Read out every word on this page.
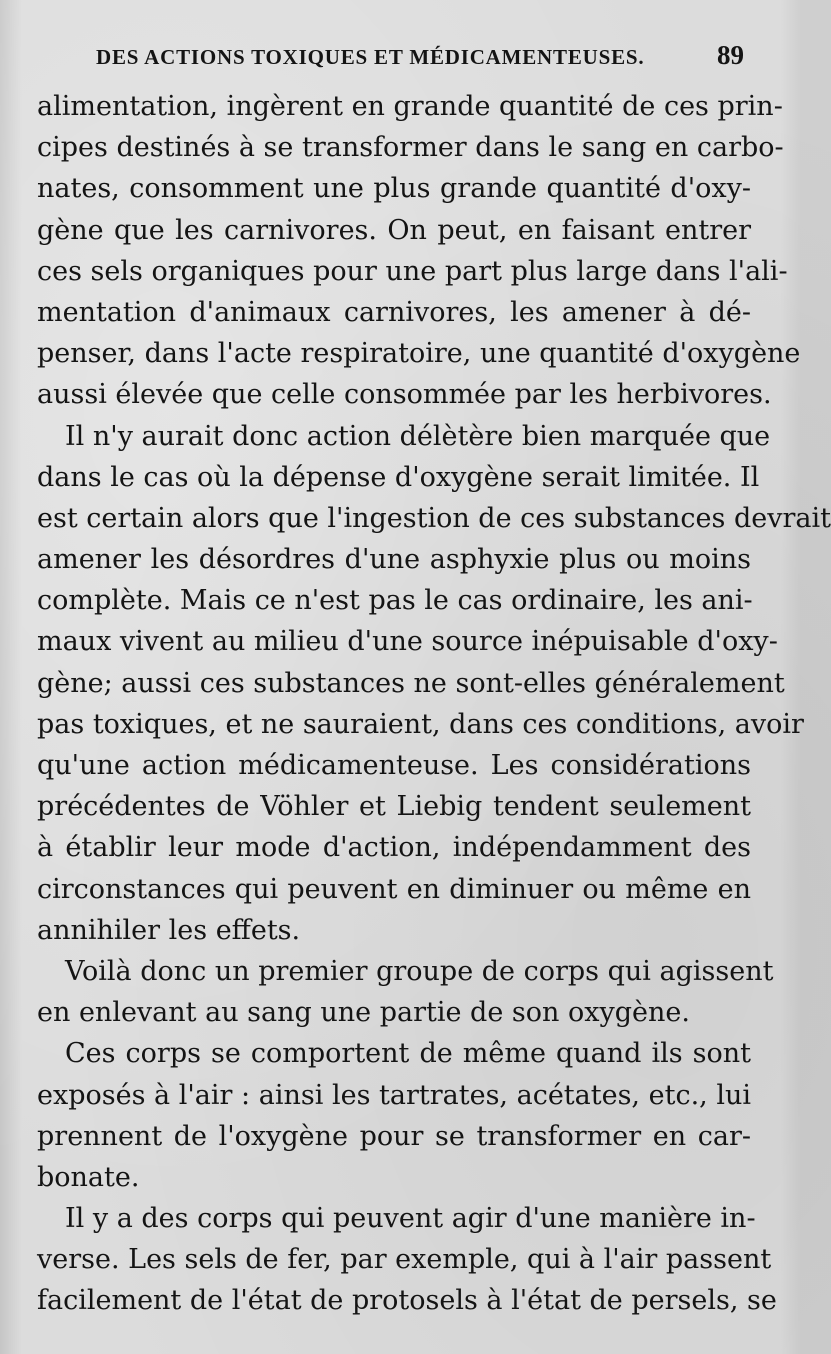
DES ACTIONS TOXIQUES ET MÉDICAMENTEUSES.	89
alimentation, ingèrent en grande quantité de ces prin-
cipes destinés à se transformer dans le sang en carbo-
nates, consomment une plus grande quantité d'oxy-
gène que les carnivores. On peut, en faisant entrer
ces sels organiques pour une part plus large dans l'ali-
mentation d'animaux carnivores, les amener à dé-
penser, dans l'acte respiratoire, une quantité d'oxygène
aussi élevée que celle consommée par les herbivores.
Il n'y aurait donc action délètère bien marquée que
dans le cas où la dépense d'oxygène serait limitée. Il
est certain alors que l'ingestion de ces substances devrait
amener les désordres d'une asphyxie plus ou moins
complète. Mais ce n'est pas le cas ordinaire, les ani-
maux vivent au milieu d'une source inépuisable d'oxy-
gène; aussi ces substances ne sont-elles généralement
pas toxiques, et ne sauraient, dans ces conditions, avoir
qu'une action médicamenteuse. Les considérations
précédentes de Vöhler et Liebig tendent seulement
à établir leur mode d'action, indépendamment des
circonstances qui peuvent en diminuer ou même en
annihiler les effets.
Voilà donc un premier groupe de corps qui agissent
en enlevant au sang une partie de son oxygène.
Ces corps se comportent de même quand ils sont
exposés à l'air : ainsi les tartrates, acétates, etc., lui
prennent de l'oxygène pour se transformer en car-
bonate.
Il y a des corps qui peuvent agir d'une manière in-
verse. Les sels de fer, par exemple, qui à l'air passent
facilement de l'état de protosels à l'état de persels, se
